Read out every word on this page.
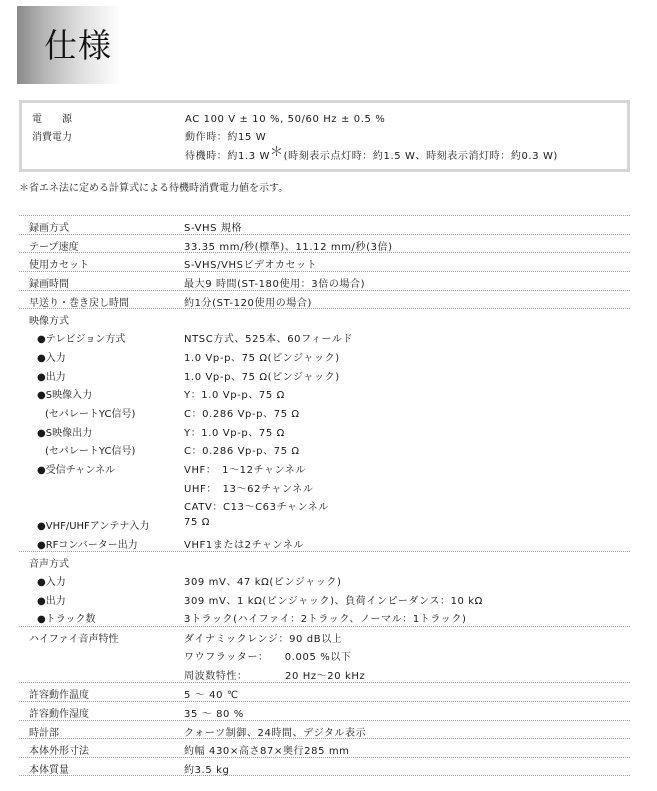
仕様
電　　源	AC 100 V ± 10 %, 50/60 Hz ± 0.5 %
消費電力	動作時：約15 W
待機時：約1.3 W＊(時刻表示点灯時：約1.5 W、時刻表示消灯時：約0.3 W)
＊省エネ法に定める計算式による待機時消費電力値を示す。
録画方式	S-VHS 規格
テープ速度	33.35 mm/秒(標準)、11.12 mm/秒(3倍)
使用カセット	S-VHS/VHSビデオカセット
録画時間	最大9 時間(ST-180使用：3倍の場合)
早送り・巻き戻し時間	約1分(ST-120使用の場合)
映像方式
●テレビジョン方式	NTSC方式、525本、60フィールド
●入力	1.0 Vp-p、75 Ω(ピンジャック)
●出力	1.0 Vp-p、75 Ω(ピンジャック)
●S映像入力	Y：1.0 Vp-p、75 Ω
(セパレートYC信号)	C：0.286 Vp-p、75 Ω
●S映像出力	Y：1.0 Vp-p、75 Ω
(セパレートYC信号)	C：0.286 Vp-p、75 Ω
●受信チャンネル	VHF：　1～12チャンネル
UHF：　13～62チャンネル
CATV：C13～C63チャンネル
●VHF/UHFアンテナ入力	75 Ω
●RFコンバーター出力	VHF1または2チャンネル
音声方式
●入力	309 mV、47 kΩ(ピンジャック)
●出力	309 mV、1 kΩ(ピンジャック)、負荷インピーダンス：10 kΩ
●トラック数	3トラック(ハイファイ：2トラック、ノーマル：1トラック)
ハイファイ音声特性	ダイナミックレンジ：90 dB以上
ワウフラッター：　　0.005 %以下
周波数特性：　　　　20 Hz～20 kHz
許容動作温度	5 ～ 40 ℃
許容動作湿度	35 ～ 80 %
時計部	クォーツ制御、24時間、デジタル表示
本体外形寸法	約幅 430×高さ87×奥行285 mm
本体質量	約3.5 kg
